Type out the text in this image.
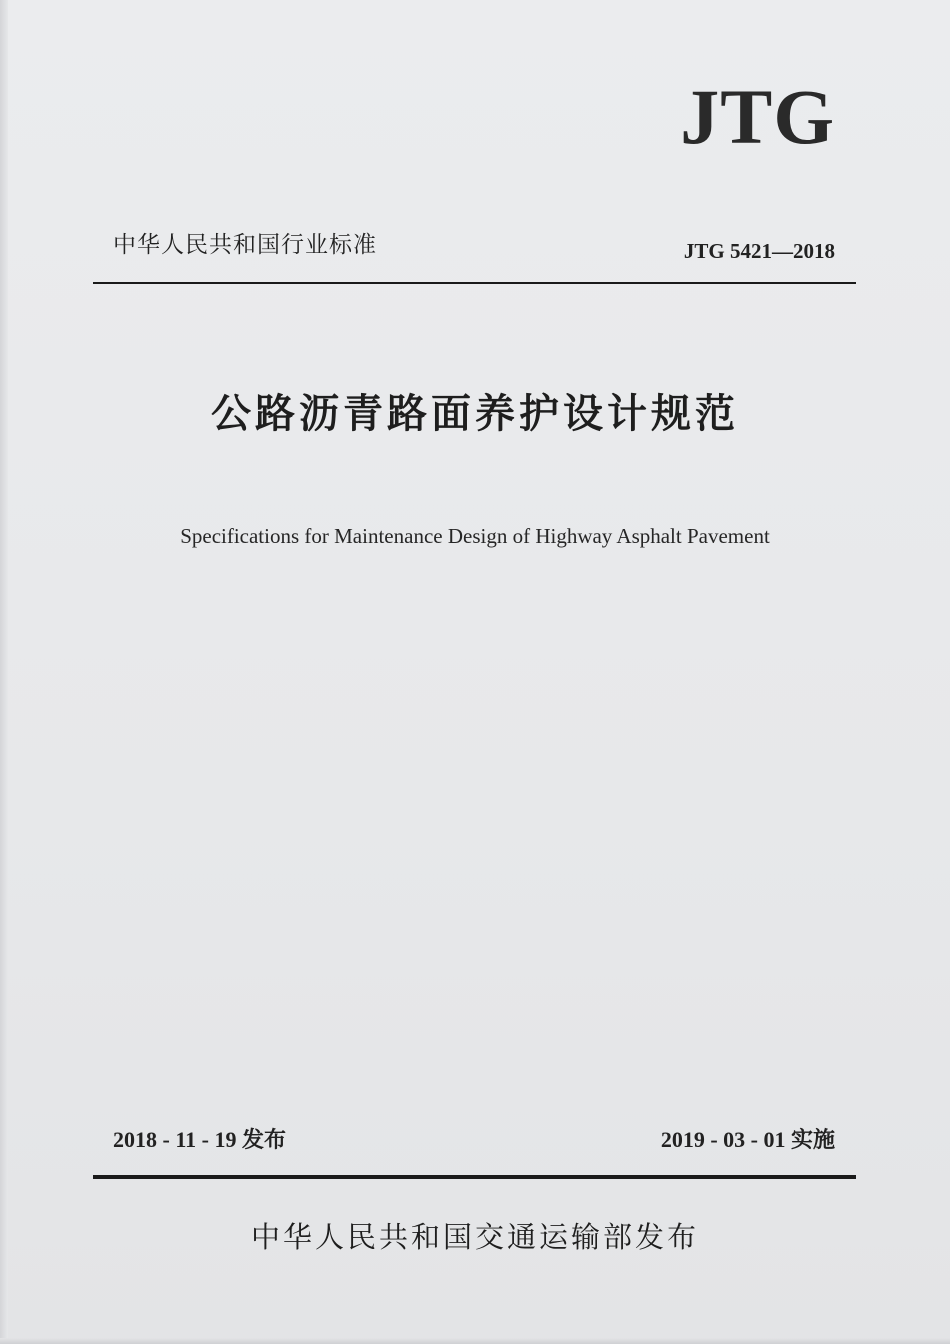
JTG
中华人民共和国行业标准	JTG 5421—2018
公路沥青路面养护设计规范
Specifications for Maintenance Design of Highway Asphalt Pavement
2018 - 11 - 19 发布	2019 - 03 - 01 实施
中华人民共和国交通运输部发布
